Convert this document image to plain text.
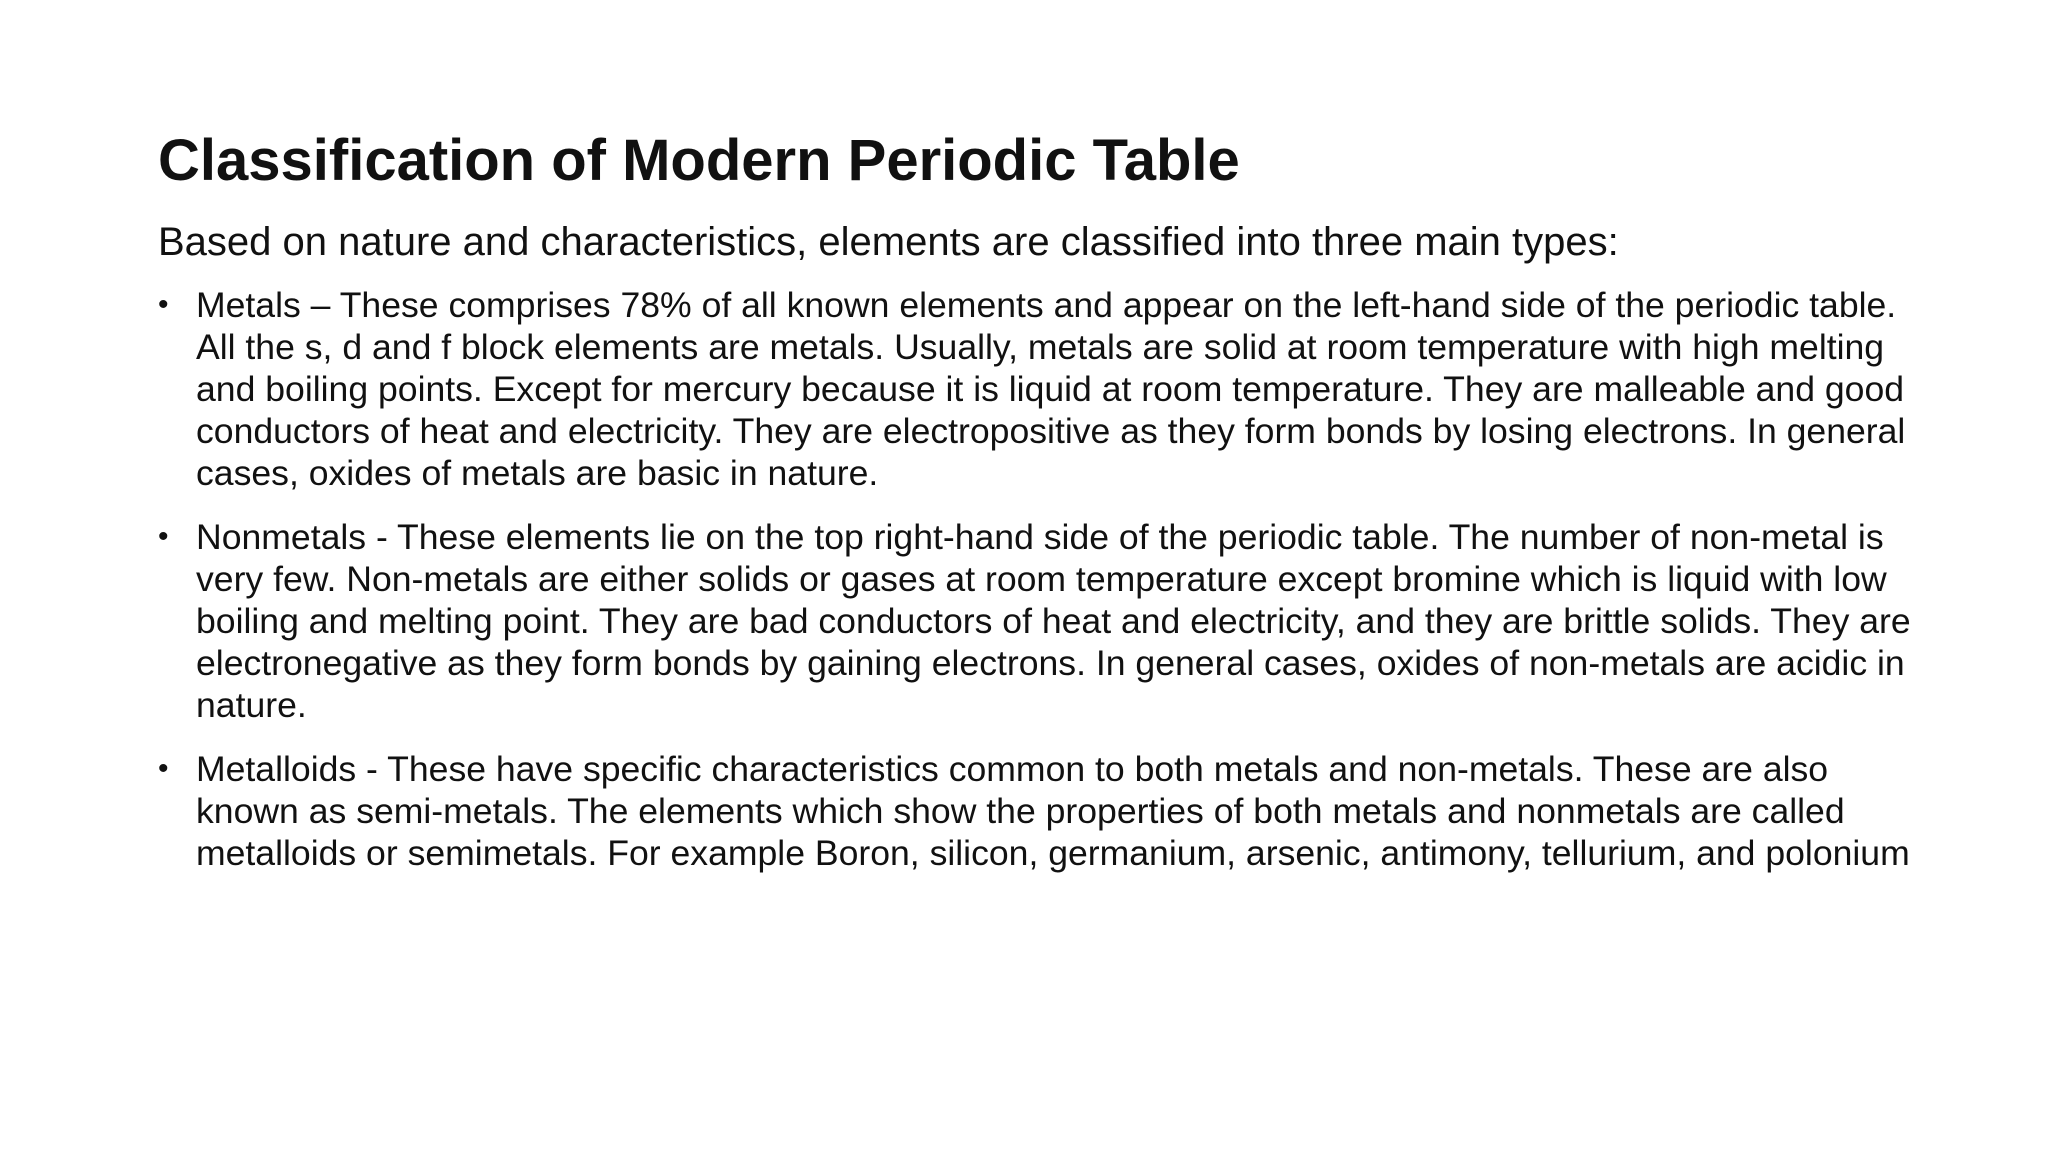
Classification of Modern Periodic Table

Based on nature and characteristics, elements are classified into three main types:

• Metals – These comprises 78% of all known elements and appear on the left-hand side of the periodic table. All the s, d and f block elements are metals. Usually, metals are solid at room temperature with high melting and boiling points. Except for mercury because it is liquid at room temperature. They are malleable and good conductors of heat and electricity. They are electropositive as they form bonds by losing electrons. In general cases, oxides of metals are basic in nature.
• Nonmetals - These elements lie on the top right-hand side of the periodic table. The number of non-metal is very few. Non-metals are either solids or gases at room temperature except bromine which is liquid with low boiling and melting point. They are bad conductors of heat and electricity, and they are brittle solids. They are electronegative as they form bonds by gaining electrons. In general cases, oxides of non-metals are acidic in nature.
• Metalloids - These have specific characteristics common to both metals and non-metals. These are also known as semi-metals. The elements which show the properties of both metals and nonmetals are called metalloids or semimetals. For example Boron, silicon, germanium, arsenic, antimony, tellurium, and polonium
